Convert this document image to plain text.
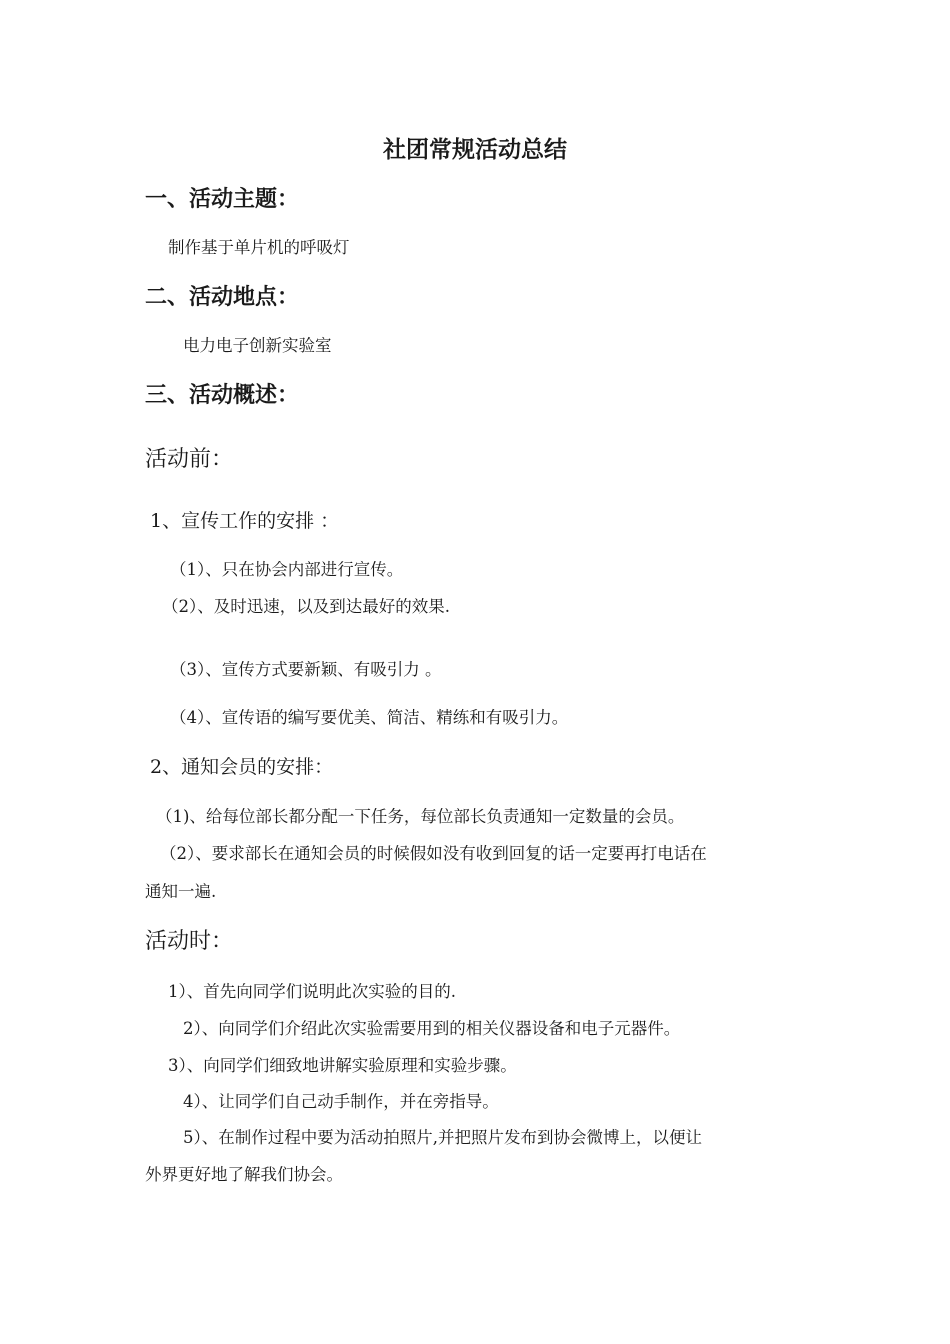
社团常规活动总结
一、活动主题：
制作基于单片机的呼吸灯
二、活动地点：
电力电子创新实验室
三、活动概述：
活动前：
1、宣传工作的安排 ：
（1）、只在协会内部进行宣传。
（2）、及时迅速，以及到达最好的效果.
（3）、宣传方式要新颖、有吸引力 。
（4）、宣传语的编写要优美、简洁、精练和有吸引力。
2、通知会员的安排：
（1)、给每位部长都分配一下任务，每位部长负责通知一定数量的会员。
（2）、要求部长在通知会员的时候假如没有收到回复的话一定要再打电话在
通知一遍.
活动时：
1）、首先向同学们说明此次实验的目的.
2）、向同学们介绍此次实验需要用到的相关仪器设备和电子元器件。
3）、向同学们细致地讲解实验原理和实验步骤。
4）、让同学们自己动手制作，并在旁指导。
5）、在制作过程中要为活动拍照片,并把照片发布到协会微博上，以便让
外界更好地了解我们协会。
